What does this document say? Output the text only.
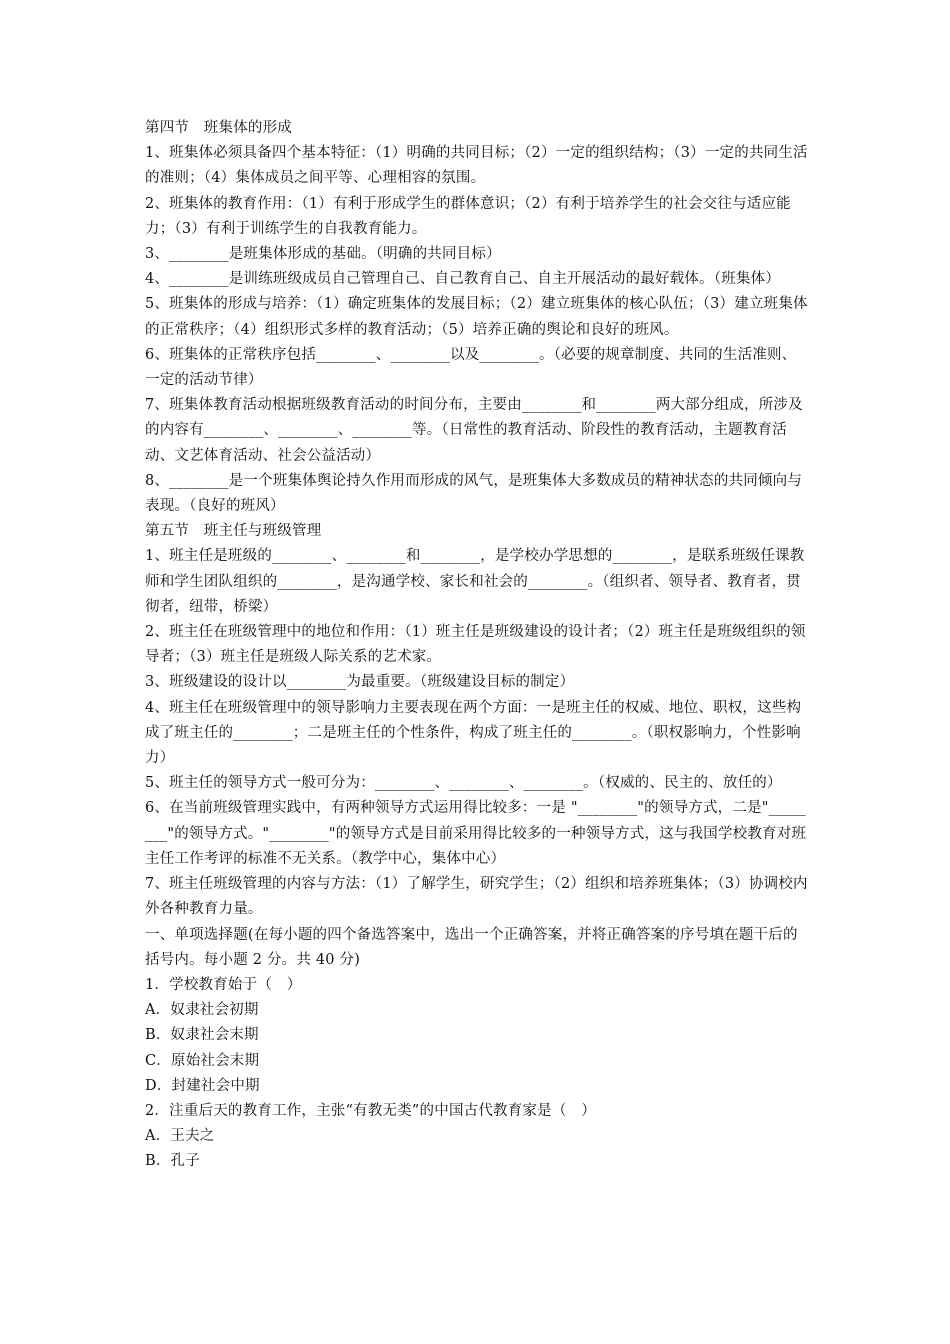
第四节　班集体的形成

1、班集体必须具备四个基本特征：（1）明确的共同目标；（2）一定的组织结构；（3）一定的共同生活的准则；（4）集体成员之间平等、心理相容的氛围。

2、班集体的教育作用：（1）有利于形成学生的群体意识；（2）有利于培养学生的社会交往与适应能力；（3）有利于训练学生的自我教育能力。

3、________是班集体形成的基础。（明确的共同目标）

4、________是训练班级成员自己管理自己、自己教育自己、自主开展活动的最好载体。（班集体）

5、班集体的形成与培养：（1）确定班集体的发展目标；（2）建立班集体的核心队伍；（3）建立班集体的正常秩序；（4）组织形式多样的教育活动；（5）培养正确的舆论和良好的班风。

6、班集体的正常秩序包括________、________以及________。（必要的规章制度、共同的生活准则、一定的活动节律）

7、班集体教育活动根据班级教育活动的时间分布，主要由________和________两大部分组成，所涉及的内容有________、________、________等。（日常性的教育活动、阶段性的教育活动，主题教育活动、文艺体育活动、社会公益活动）

8、________是一个班集体舆论持久作用而形成的风气，是班集体大多数成员的精神状态的共同倾向与表现。（良好的班风）

第五节　班主任与班级管理

1、班主任是班级的________、________和________，是学校办学思想的________，是联系班级任课教师和学生团队组织的________，是沟通学校、家长和社会的________。（组织者、领导者、教育者，贯彻者，纽带，桥梁）

2、班主任在班级管理中的地位和作用：（1）班主任是班级建设的设计者；（2）班主任是班级组织的领导者；（3）班主任是班级人际关系的艺术家。

3、班级建设的设计以________为最重要。（班级建设目标的制定）

4、班主任在班级管理中的领导影响力主要表现在两个方面：一是班主任的权威、地位、职权，这些构成了班主任的________；二是班主任的个性条件，构成了班主任的________。（职权影响力，个性影响力）

5、班主任的领导方式一般可分为：________、________、________。（权威的、民主的、放任的）

6、在当前班级管理实践中，有两种领导方式运用得比较多：一是 "________"的领导方式，二是"________"的领导方式。"________"的领导方式是目前采用得比较多的一种领导方式，这与我国学校教育对班主任工作考评的标准不无关系。（教学中心，集体中心）

7、班主任班级管理的内容与方法：（1）了解学生，研究学生；（2）组织和培养班集体；（3）协调校内外各种教育力量。

一、单项选择题(在每小题的四个备选答案中，选出一个正确答案，并将正确答案的序号填在题干后的括号内。每小题 2 分。共 40 分)

1．学校教育始于（　）

A．奴隶社会初期

B．奴隶社会末期

C．原始社会末期

D．封建社会中期

2．注重后天的教育工作，主张“有教无类”的中国古代教育家是（　）

A．王夫之

B．孔子
